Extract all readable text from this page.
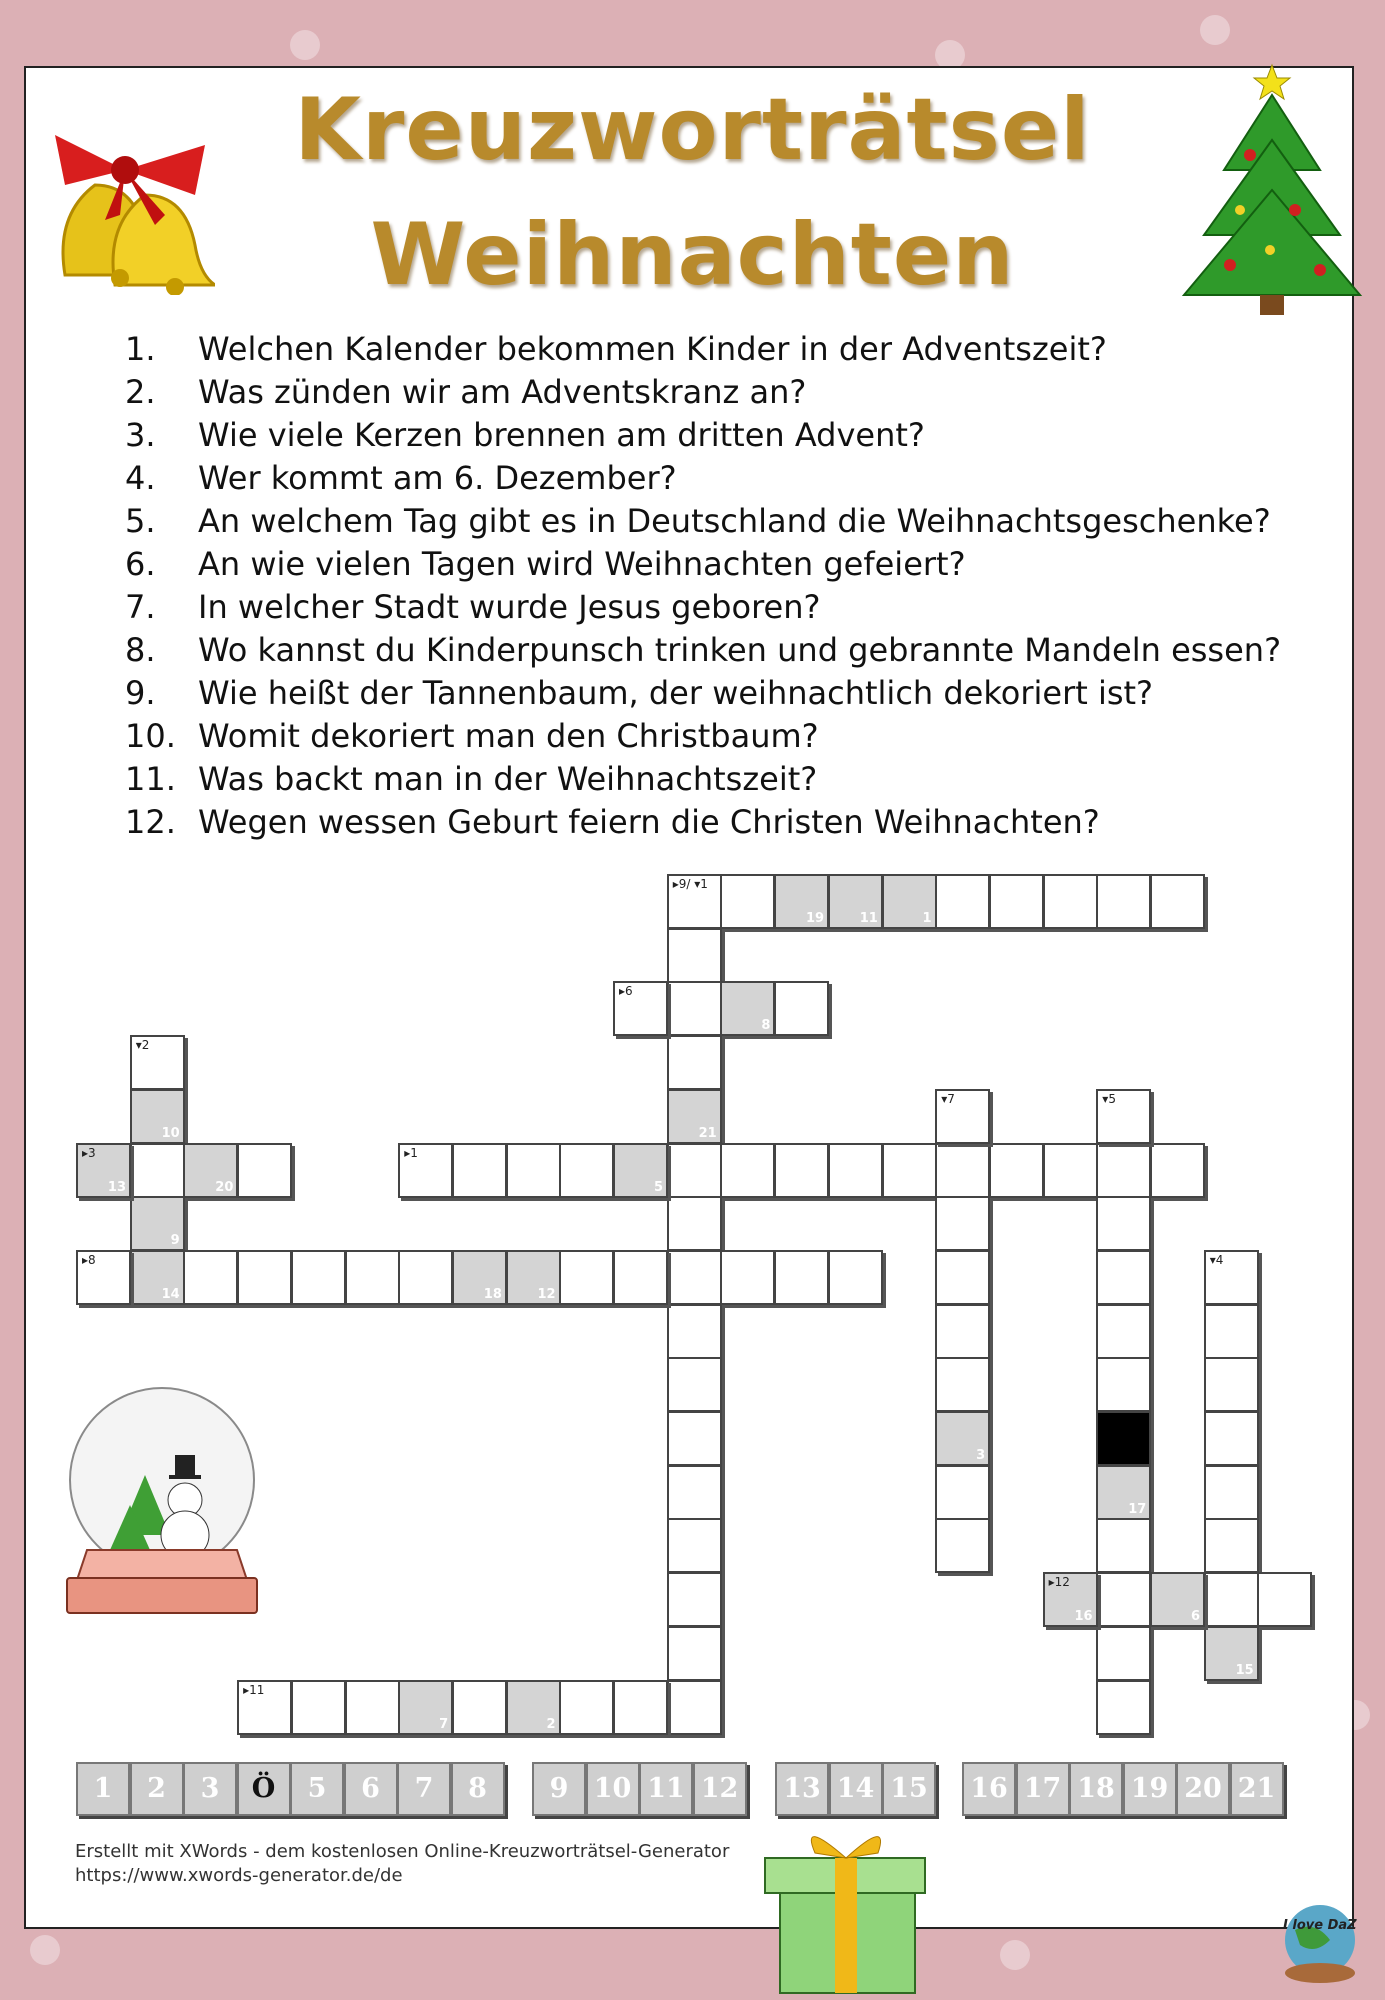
Kreuzworträtsel
Weihnachten
1.	Welchen Kalender bekommen Kinder in der Adventszeit?
2.	Was zünden wir am Adventskranz an?
3.	Wie viele Kerzen brennen am dritten Advent?
4.	Wer kommt am 6. Dezember?
5.	An welchem Tag gibt es in Deutschland die Weihnachtsgeschenke?
6.	An wie vielen Tagen wird Weihnachten gefeiert?
7.	In welcher Stadt wurde Jesus geboren?
8.	Wo kannst du Kinderpunsch trinken und gebrannte Mandeln essen?
9.	Wie heißt der Tannenbaum, der weihnachtlich dekoriert ist?
10. Womit dekoriert man den Christbaum?
11. Was backt man in der Weihnachtszeit?
12. Wegen wessen Geburt feiern die Christen Weihnachten?
▸9/ ▾1
19	11	1
21
▸6
8
▾2
10
9
14
▸3
13	20
▸1
5
▾7
3
▾5
17
▸8
18	12
▾4
15
▸12
16	6
▸11
7	2
1	2	3	Ö	5	6	7	8	9 10 11 12	13 14 15	16 17 18 19 20 21
Erstellt mit XWords - dem kostenlosen Online-Kreuzworträtsel-Generator
https://www.xwords-generator.de/de
I love DaZ
